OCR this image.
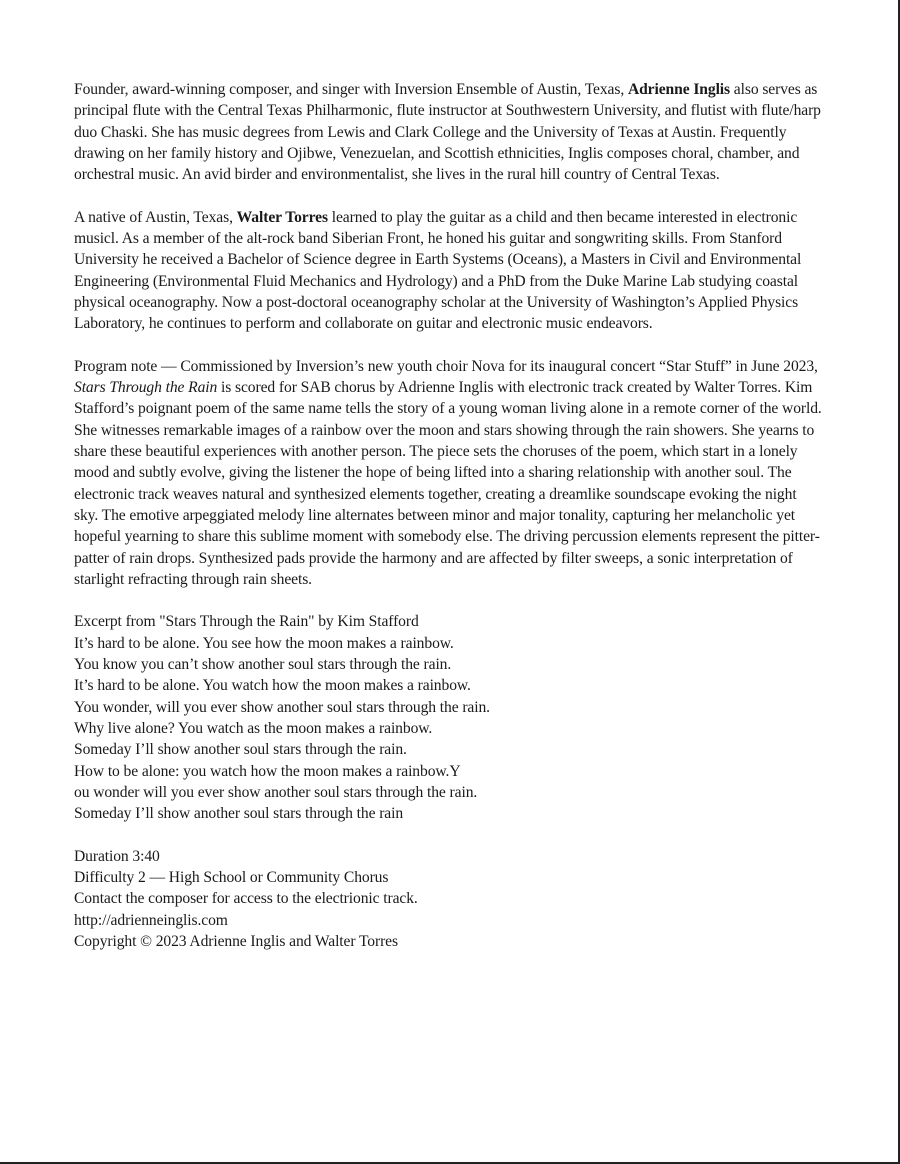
Founder, award-winning composer, and singer with Inversion Ensemble of Austin, Texas, Adrienne Inglis also serves as principal flute with the Central Texas Philharmonic, flute instructor at Southwestern University, and flutist with flute/harp duo Chaski. She has music degrees from Lewis and Clark College and the University of Texas at Austin. Frequently drawing on her family history and Ojibwe, Venezuelan, and Scottish ethnicities, Inglis composes choral, chamber, and orchestral music. An avid birder and environmentalist, she lives in the rural hill country of Central Texas.

A native of Austin, Texas, Walter Torres learned to play the guitar as a child and then became interested in electronic musicl. As a member of the alt-rock band Siberian Front, he honed his guitar and songwriting skills. From Stanford University he received a Bachelor of Science degree in Earth Systems (Oceans), a Masters in Civil and Environmental Engineering (Environmental Fluid Mechanics and Hydrology) and a PhD from the Duke Marine Lab studying coastal physical oceanography. Now a post-doctoral oceanography scholar at the University of Washington’s Applied Physics Laboratory, he continues to perform and collaborate on guitar and electronic music endeavors.

Program note — Commissioned by Inversion’s new youth choir Nova for its inaugural concert “Star Stuff” in June 2023, Stars Through the Rain is scored for SAB chorus by Adrienne Inglis with electronic track created by Walter Torres. Kim Stafford’s poignant poem of the same name tells the story of a young woman living alone in a remote corner of the world. She witnesses remarkable images of a rainbow over the moon and stars showing through the rain showers. She yearns to share these beautiful experiences with another person. The piece sets the choruses of the poem, which start in a lonely mood and subtly evolve, giving the listener the hope of being lifted into a sharing relationship with another soul. The electronic track weaves natural and synthesized elements together, creating a dreamlike soundscape evoking the night sky. The emotive arpeggiated melody line alternates between minor and major tonality, capturing her melancholic yet hopeful yearning to share this sublime moment with somebody else. The driving percussion elements represent the pitter-patter of rain drops. Synthesized pads provide the harmony and are affected by filter sweeps, a sonic interpretation of starlight refracting through rain sheets.

Excerpt from "Stars Through the Rain" by Kim Stafford
It’s hard to be alone. You see how the moon makes a rainbow.
You know you can’t show another soul stars through the rain.
It’s hard to be alone. You watch how the moon makes a rainbow.
You wonder, will you ever show another soul stars through the rain.
Why live alone? You watch as the moon makes a rainbow.
Someday I’ll show another soul stars through the rain.
How to be alone: you watch how the moon makes a rainbow.Y
ou wonder will you ever show another soul stars through the rain.
Someday I’ll show another soul stars through the rain
Duration 3:40
Difficulty 2 — High School or Community Chorus
Contact the composer for access to the electrionic track.
http://adrienneinglis.com
Copyright © 2023 Adrienne Inglis and Walter Torres
